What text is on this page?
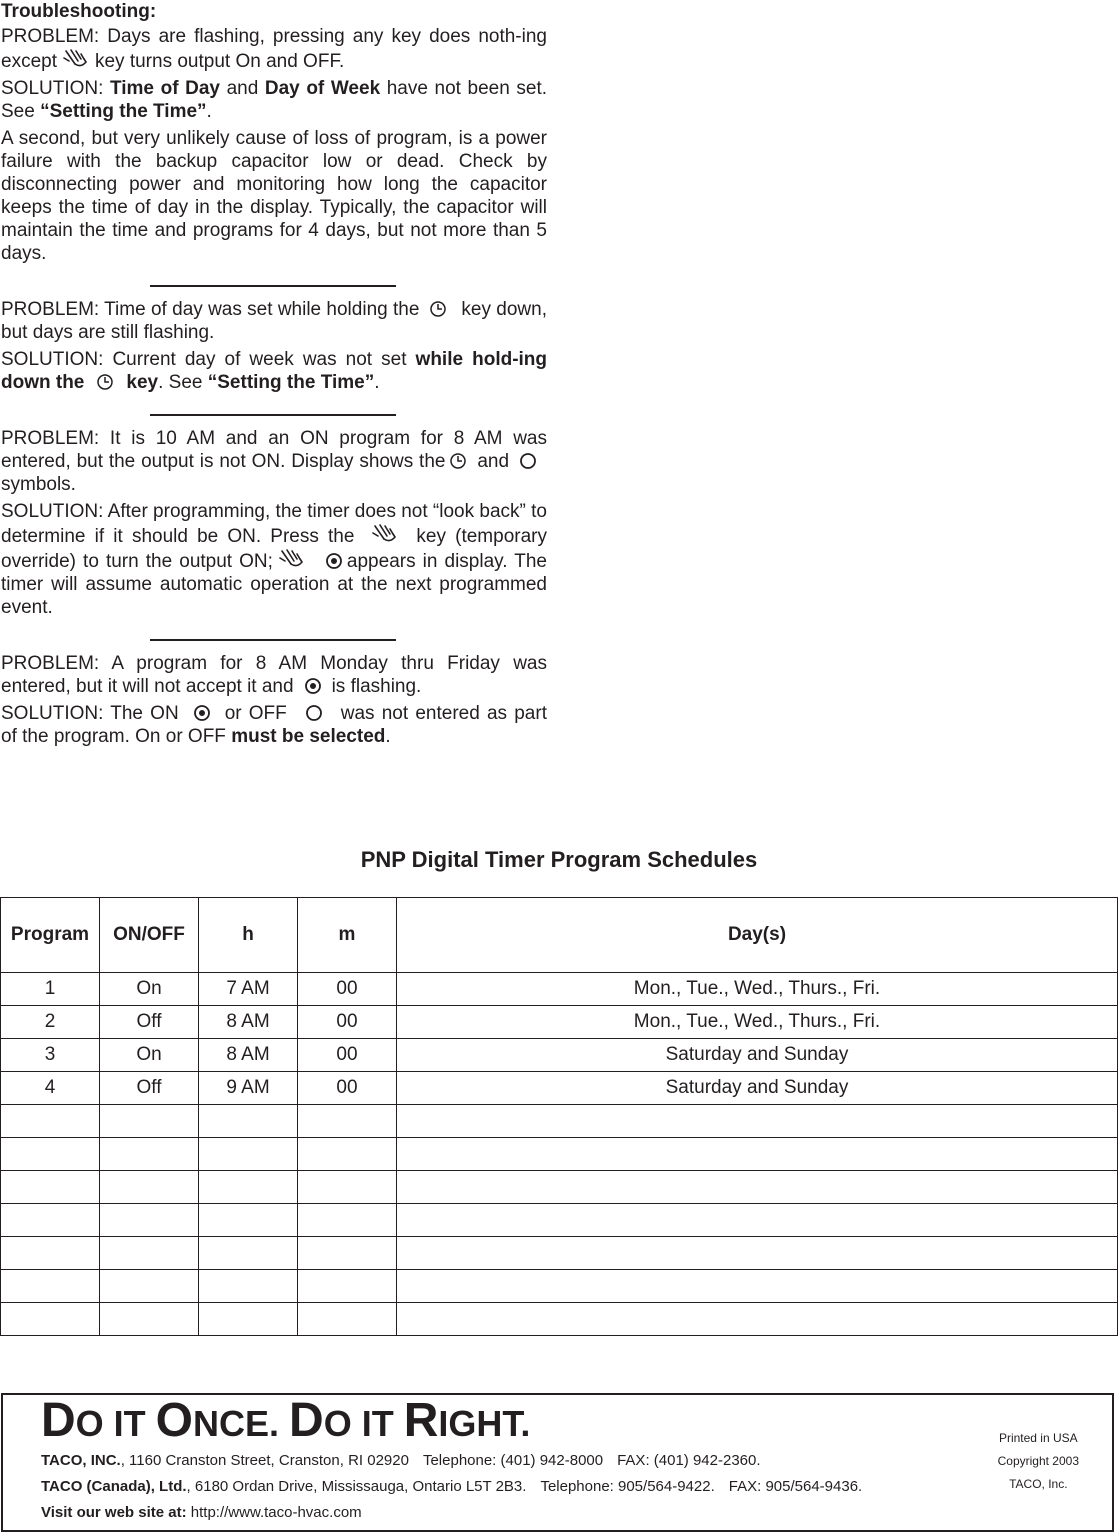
Troubleshooting:

PROBLEM: Days are flashing, pressing any key does noth-ing except key turns output On and OFF.

SOLUTION: Time of Day and Day of Week have not been set. See “Setting the Time”.

A second, but very unlikely cause of loss of program, is a power failure with the backup capacitor low or dead. Check by disconnecting power and monitoring how long the capacitor keeps the time of day in the display. Typically, the capacitor will maintain the time and programs for 4 days, but not more than 5 days.

PROBLEM: Time of day was set while holding the key down, but days are still flashing.

SOLUTION: Current day of week was not set while hold-ing down the key. See “Setting the Time”.

PROBLEM: It is 10 AM and an ON program for 8 AM was entered, but the output is not ON. Display shows the and
symbols.

SOLUTION: After programming, the timer does not “look back” to determine if it should be ON. Press the	key (temporary override) to turn the output ON;	appears in display. The timer will assume automatic operation at the next programmed event.

PROBLEM: A program for 8 AM Monday thru Friday was entered, but it will not accept it and is flashing.

SOLUTION: The ON or OFF	was not entered as part of the program. On or OFF must be selected.

PNP Digital Timer Program Schedules
Program	ON/OFF	h	m	Day(s)
1	On	7 AM	00	Mon., Tue., Wed., Thurs., Fri.
2	Off	8 AM	00	Mon., Tue., Wed., Thurs., Fri.
3	On	8 AM	00	Saturday and Sunday
4	Off	9 AM	00	Saturday and Sunday

DO IT ONCE. DO IT RIGHT.
TACO, INC., 1160 Cranston Street, Cranston, RI 02920 Telephone: (401) 942-8000 FAX: (401) 942-2360.
TACO (Canada), Ltd., 6180 Ordan Drive, Mississauga, Ontario L5T 2B3. Telephone: 905/564-9422. FAX: 905/564-9436.
Visit our web site at: http://www.taco-hvac.com
Printed in USA
Copyright 2003
TACO, Inc.
